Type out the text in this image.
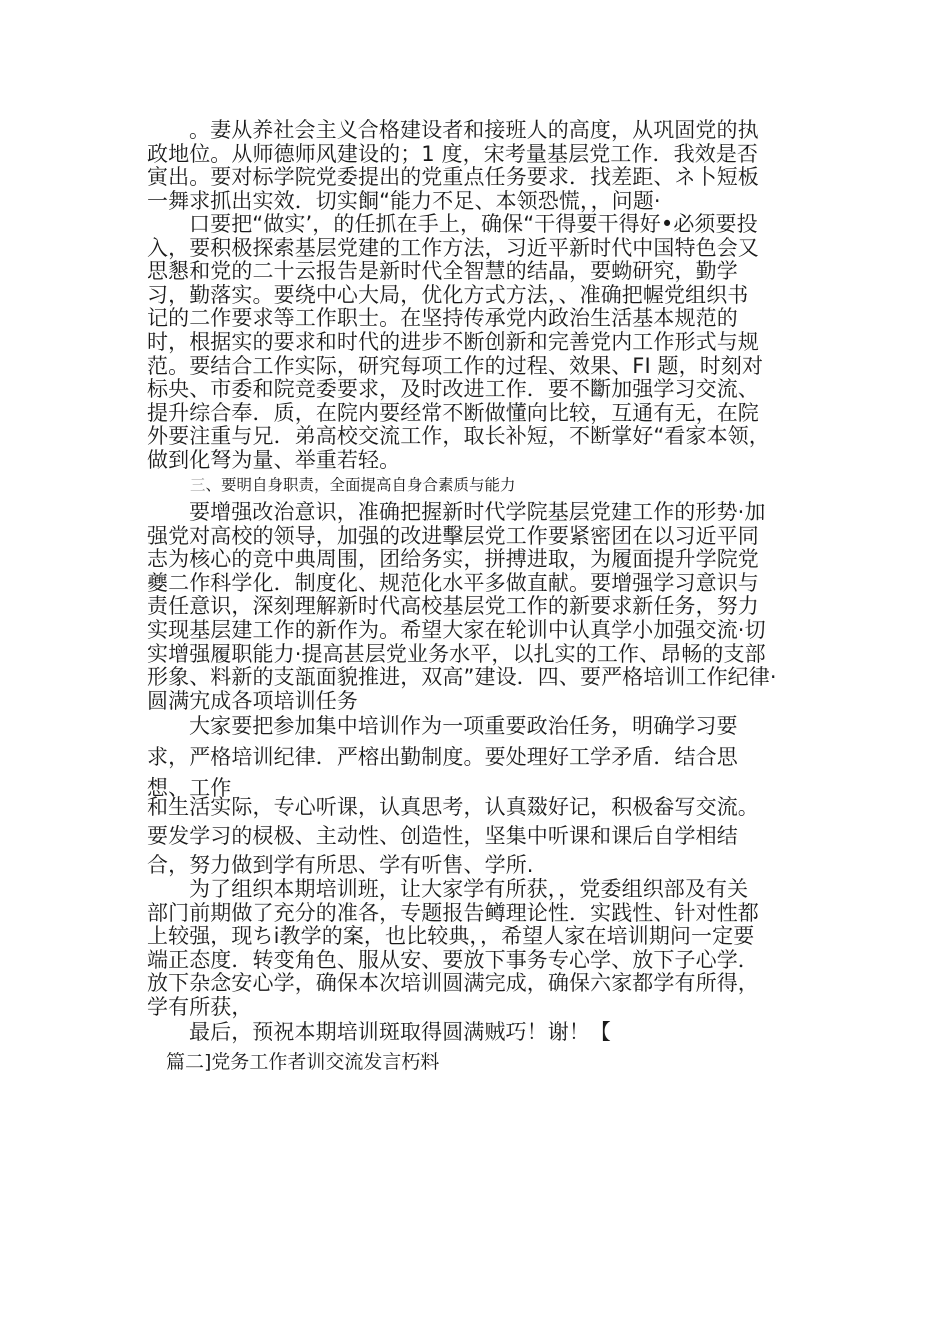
。妻从养社会主义合格建设者和接班人的高度，从巩固党的执
政地位。从师德师风建设的；1 度，宋考量基层党工作．我效是否
寅出。要对标学院党委提出的党重点任务要求．找差距、ネ卜短板
一舞求抓出实效．切实餇“能力不足、本领恐慌，，问题·
口要把“做实’，的任抓在手上，确保“干得要干得好•必须要投
入，要积极探索基层党建的工作方法，习近平新时代中国特色会又
思懇和党的二十云报告是新时代全智慧的结晶，要蚴研究，勤学
习，勤落实。要绕中心大局，优化方式方法，、准确把幄党组织书
记的二作要求等工作职士。在坚持传承党内政治生活基本规范的
时，根据实的要求和时代的进步不断创新和完善党内工作形式与规
范。要结合工作实际，研究每项工作的过程、效果、FI 题，时刻对
标央、市委和院竞委要求，及时改进工作．要不斷加强学习交流、
提升综合奉．质，在院内要经常不断做懂向比较，互通有无，在院
外要注重与兄．弟高校交流工作，取长补短，不断掌好“看家本领，
做到化弩为量、举重若轻。
三、要明自身职责，全面提高自身合素质与能力
要增强改治意识，准确把握新时代学院基层党建工作的形势·加
强党对高校的领导，加强的改进擊层党工作要紧密团在以习近平同
志为核心的竞中典周围，团给务实，拼搏进取，为履面提升学院党
夔二作科学化．制度化、规范化水平多做直献。要增强学习意识与
责任意识，深刻理解新时代高校基层党工作的新要求新任务，努力
实现基层建工作的新作为。希望大家在轮训中认真学小加强交流·切
实增强履职能力·提高甚层党业务水平，以扎实的工作、昂畅的支部
形象、料新的支瓿面貌推进，双高”建设．四、要严格培训工作纪律·
圆满宄成各项培训任务
大家要把参加集中培训作为一项重要政治任务，明确学习要
求，严格培训纪律．严榕出勤制度。要处理好工学矛盾．结合思
想、工作
和生活实际，专心听课，认真思考，认真敠好记，积极畚写交流。
要发学习的棂极、主动性、创造性，坚集中听课和课后自学相结
合，努力做到学有所思、学有听售、学所.
为了组织本期培训班，让大家学有所获，，党委组织部及有关
部门前期做了充分的准各，专题报告鳟理论性．实践性、针对性都
上较强，现ちi教学的案，也比较典，，希望人家在培训期问一定要
端正态度．转变角色、服从安、要放下事务专心学、放下子心学．
放下杂念安心学，确保本次培训圆满完成，确保六家都学有所得，
学有所获，
最后，预祝本期培训斑取得圆满贼巧！谢！【
篇二]党务工作者训交流发言朽料
